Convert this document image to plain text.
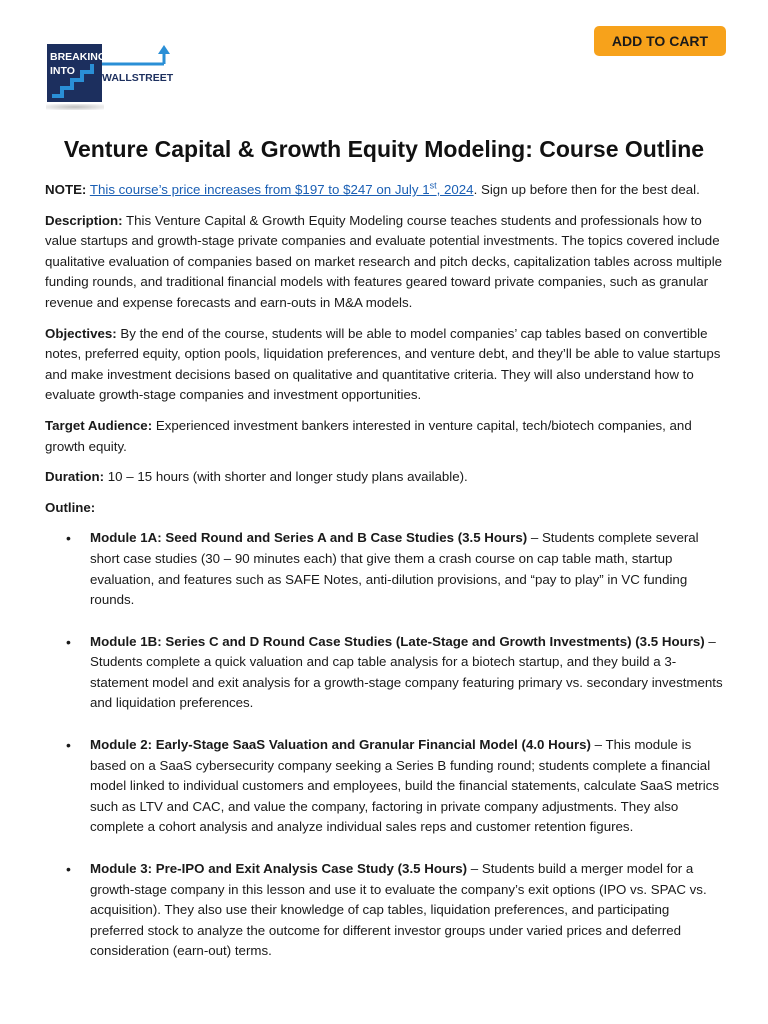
ADD TO CART
BREAKING
INTO
WALLSTREET
Venture Capital & Growth Equity Modeling: Course Outline

NOTE: This course’s price increases from $197 to $247 on July 1st, 2024. Sign up before then for the best deal.

Description: This Venture Capital & Growth Equity Modeling course teaches students and professionals how to value startups and growth-stage private companies and evaluate potential investments. The topics covered include qualitative evaluation of companies based on market research and pitch decks, capitalization tables across multiple funding rounds, and traditional financial models with features geared toward private companies, such as granular revenue and expense forecasts and earn-outs in M&A models.

Objectives: By the end of the course, students will be able to model companies’ cap tables based on convertible notes, preferred equity, option pools, liquidation preferences, and venture debt, and they’ll be able to value startups and make investment decisions based on qualitative and quantitative criteria. They will also understand how to evaluate growth-stage companies and investment opportunities.

Target Audience: Experienced investment bankers interested in venture capital, tech/biotech companies, and growth equity.

Duration: 10 – 15 hours (with shorter and longer study plans available).

Outline:

• Module 1A: Seed Round and Series A and B Case Studies (3.5 Hours) – Students complete several short case studies (30 – 90 minutes each) that give them a crash course on cap table math, startup evaluation, and features such as SAFE Notes, anti-dilution provisions, and “pay to play” in VC funding rounds.
• Module 1B: Series C and D Round Case Studies (Late-Stage and Growth Investments) (3.5 Hours) – Students complete a quick valuation and cap table analysis for a biotech startup, and they build a 3-statement model and exit analysis for a growth-stage company featuring primary vs. secondary investments and liquidation preferences.
• Module 2: Early-Stage SaaS Valuation and Granular Financial Model (4.0 Hours) – This module is based on a SaaS cybersecurity company seeking a Series B funding round; students complete a financial model linked to individual customers and employees, build the financial statements, calculate SaaS metrics such as LTV and CAC, and value the company, factoring in private company adjustments. They also complete a cohort analysis and analyze individual sales reps and customer retention figures.
• Module 3: Pre-IPO and Exit Analysis Case Study (3.5 Hours) – Students build a merger model for a growth-stage company in this lesson and use it to evaluate the company’s exit options (IPO vs. SPAC vs. acquisition). They also use their knowledge of cap tables, liquidation preferences, and participating preferred stock to analyze the outcome for different investor groups under varied prices and deferred consideration (earn-out) terms.
